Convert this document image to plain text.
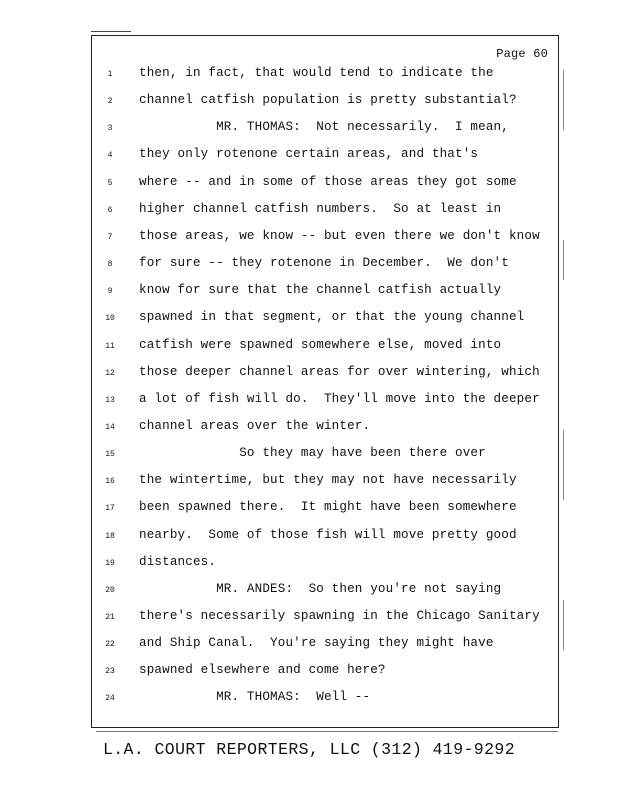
Page 60
1	then, in fact, that would tend to indicate the
2	channel catfish population is pretty substantial?
3	MR. THOMAS:  Not necessarily.  I mean,
4	they only rotenone certain areas, and that's
5	where -- and in some of those areas they got some
6	higher channel catfish numbers.  So at least in
7	those areas, we know -- but even there we don't know
8	for sure -- they rotenone in December.  We don't
9	know for sure that the channel catfish actually
10	spawned in that segment, or that the young channel
11	catfish were spawned somewhere else, moved into
12	those deeper channel areas for over wintering, which
13	a lot of fish will do.  They'll move into the deeper
14	channel areas over the winter.
15	So they may have been there over
16	the wintertime, but they may not have necessarily
17	been spawned there.  It might have been somewhere
18	nearby.  Some of those fish will move pretty good
19	distances.
20	MR. ANDES:  So then you're not saying
21	there's necessarily spawning in the Chicago Sanitary
22	and Ship Canal.  You're saying they might have
23	spawned elsewhere and come here?
24	MR. THOMAS:  Well --
L.A. COURT REPORTERS, LLC (312) 419-9292
